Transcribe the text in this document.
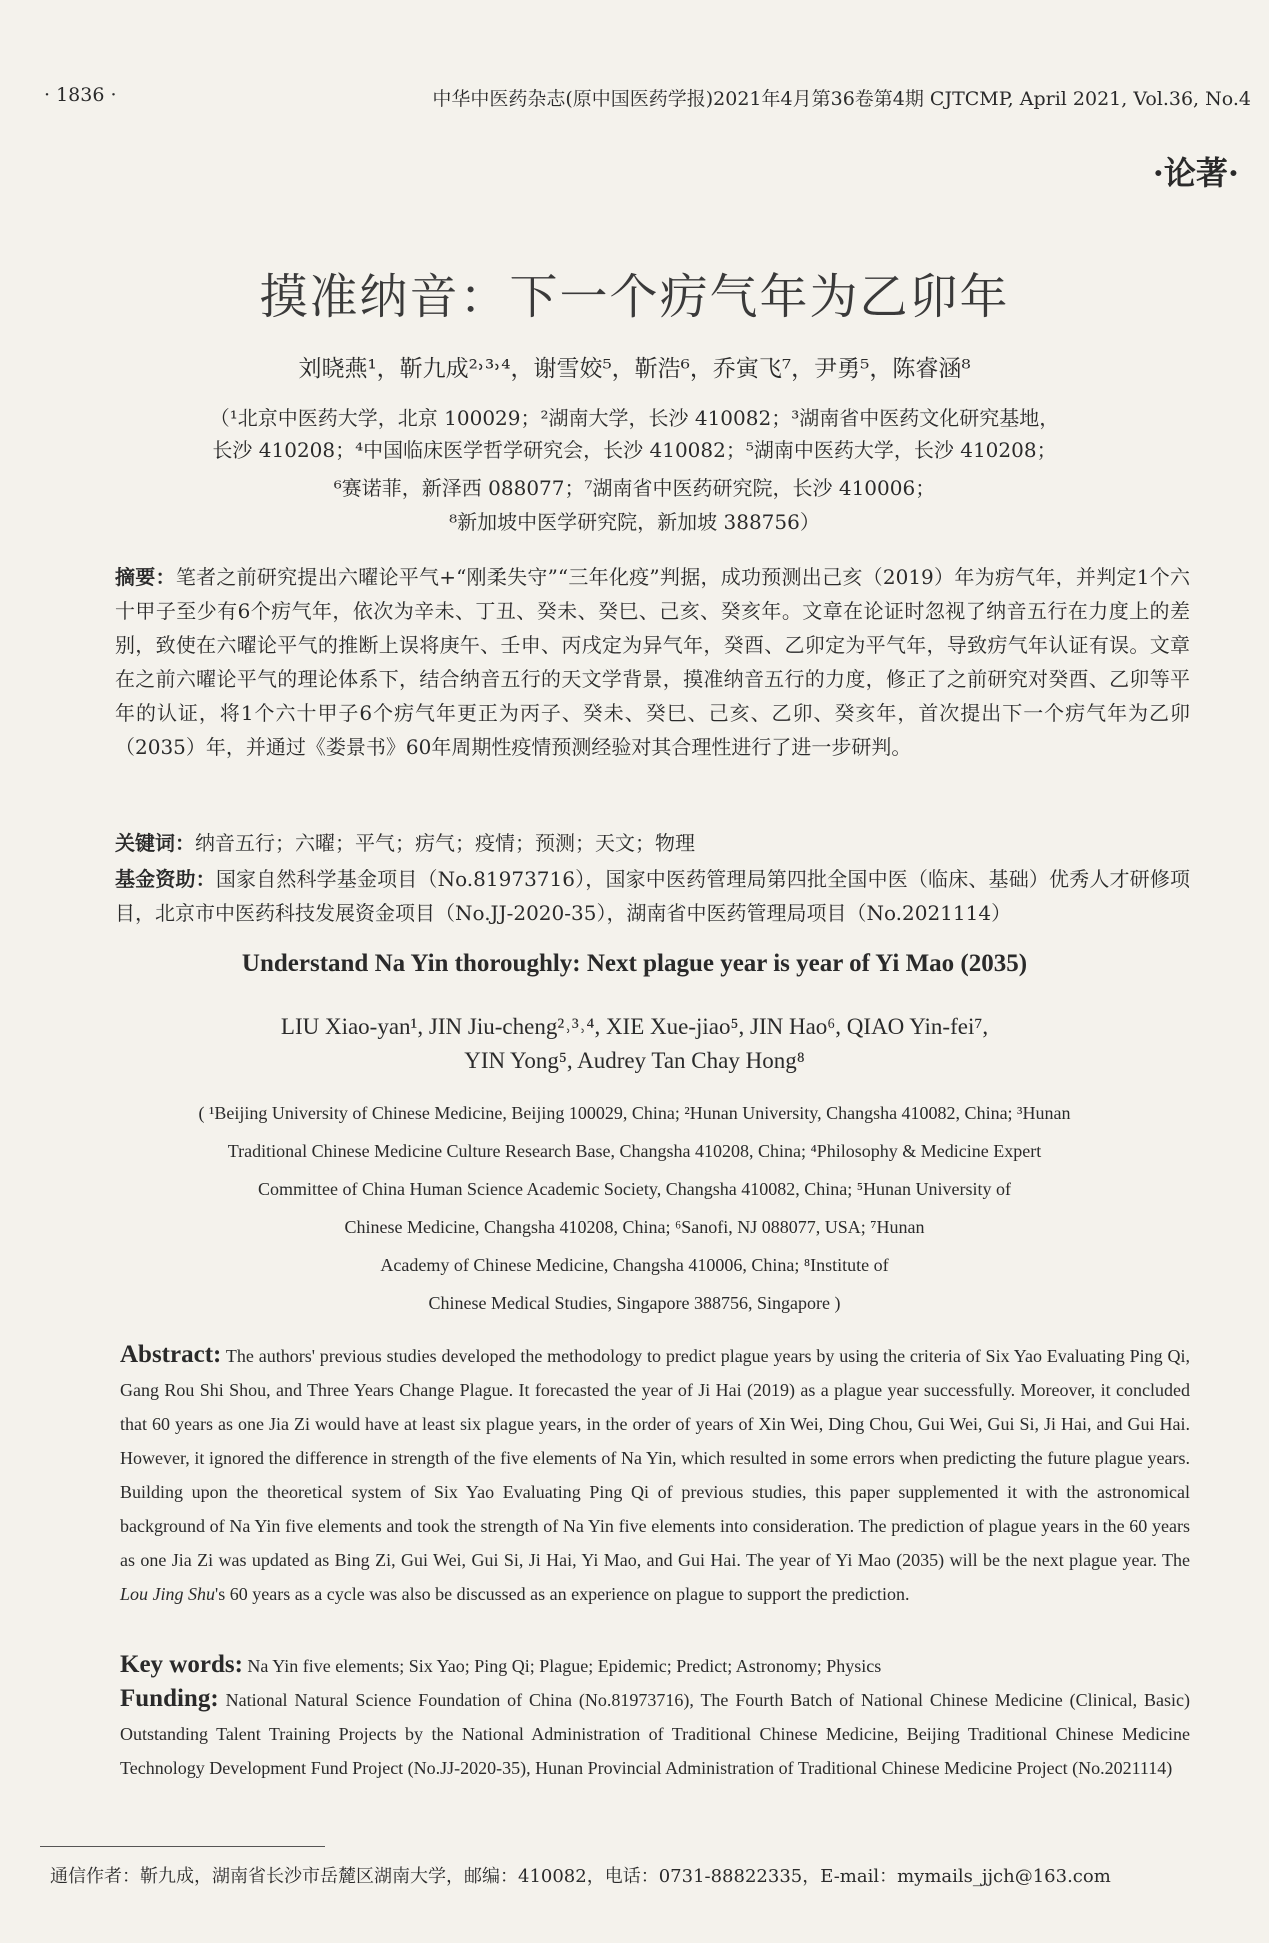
· 1836 ·	中华中医药杂志(原中国医药学报)2021年4月第36卷第4期 CJTCMP, April 2021, Vol.36, No.4
·论著·
摸准纳音：下一个疠气年为乙卯年
刘晓燕¹，靳九成²˒³˒⁴，谢雪姣⁵，靳浩⁶，乔寅飞⁷，尹勇⁵，陈睿涵⁸
（¹北京中医药大学，北京 100029；²湖南大学，长沙 410082；³湖南省中医药文化研究基地，
长沙 410208；⁴中国临床医学哲学研究会，长沙 410082；⁵湖南中医药大学，长沙 410208；
⁶赛诺菲，新泽西 088077；⁷湖南省中医药研究院，长沙 410006；
⁸新加坡中医学研究院，新加坡 388756）
摘要：笔者之前研究提出六曜论平气+“刚柔失守”“三年化疫”判据，成功预测出己亥（2019）年为疠气年，并判定1个六十甲子至少有6个疠气年，依次为辛未、丁丑、癸未、癸巳、己亥、癸亥年。文章在论证时忽视了纳音五行在力度上的差别，致使在六曜论平气的推断上误将庚午、壬申、丙戌定为异气年，癸酉、乙卯定为平气年，导致疠气年认证有误。文章在之前六曜论平气的理论体系下，结合纳音五行的天文学背景，摸准纳音五行的力度，修正了之前研究对癸酉、乙卯等平年的认证，将1个六十甲子6个疠气年更正为丙子、癸未、癸巳、己亥、乙卯、癸亥年，首次提出下一个疠气年为乙卯（2035）年，并通过《娄景书》60年周期性疫情预测经验对其合理性进行了进一步研判。
关键词：纳音五行；六曜；平气；疠气；疫情；预测；天文；物理
基金资助：国家自然科学基金项目（No.81973716），国家中医药管理局第四批全国中医（临床、基础）优秀人才研修项目，北京市中医药科技发展资金项目（No.JJ-2020-35），湖南省中医药管理局项目（No.2021114）
Understand Na Yin thoroughly: Next plague year is year of Yi Mao (2035)
LIU Xiao-yan¹, JIN Jiu-cheng²˒³˒⁴, XIE Xue-jiao⁵, JIN Hao⁶, QIAO Yin-fei⁷,
YIN Yong⁵, Audrey Tan Chay Hong⁸
( ¹Beijing University of Chinese Medicine, Beijing 100029, China; ²Hunan University, Changsha 410082, China; ³Hunan
Traditional Chinese Medicine Culture Research Base, Changsha 410208, China; ⁴Philosophy & Medicine Expert
Committee of China Human Science Academic Society, Changsha 410082, China; ⁵Hunan University of
Chinese Medicine, Changsha 410208, China; ⁶Sanofi, NJ 088077, USA; ⁷Hunan
Academy of Chinese Medicine, Changsha 410006, China; ⁸Institute of
Chinese Medical Studies, Singapore 388756, Singapore )
Abstract: The authors' previous studies developed the methodology to predict plague years by using the criteria of Six Yao Evaluating Ping Qi, Gang Rou Shi Shou, and Three Years Change Plague. It forecasted the year of Ji Hai (2019) as a plague year successfully. Moreover, it concluded that 60 years as one Jia Zi would have at least six plague years, in the order of years of Xin Wei, Ding Chou, Gui Wei, Gui Si, Ji Hai, and Gui Hai. However, it ignored the difference in strength of the five elements of Na Yin, which resulted in some errors when predicting the future plague years. Building upon the theoretical system of Six Yao Evaluating Ping Qi of previous studies, this paper supplemented it with the astronomical background of Na Yin five elements and took the strength of Na Yin five elements into consideration. The prediction of plague years in the 60 years as one Jia Zi was updated as Bing Zi, Gui Wei, Gui Si, Ji Hai, Yi Mao, and Gui Hai. The year of Yi Mao (2035) will be the next plague year. The Lou Jing Shu's 60 years as a cycle was also be discussed as an experience on plague to support the prediction.
Key words: Na Yin five elements; Six Yao; Ping Qi; Plague; Epidemic; Predict; Astronomy; Physics
Funding: National Natural Science Foundation of China (No.81973716), The Fourth Batch of National Chinese Medicine (Clinical, Basic) Outstanding Talent Training Projects by the National Administration of Traditional Chinese Medicine, Beijing Traditional Chinese Medicine Technology Development Fund Project (No.JJ-2020-35), Hunan Provincial Administration of Traditional Chinese Medicine Project (No.2021114)
通信作者：靳九成，湖南省长沙市岳麓区湖南大学，邮编：410082，电话：0731-88822335，E-mail：mymails_jjch@163.com
